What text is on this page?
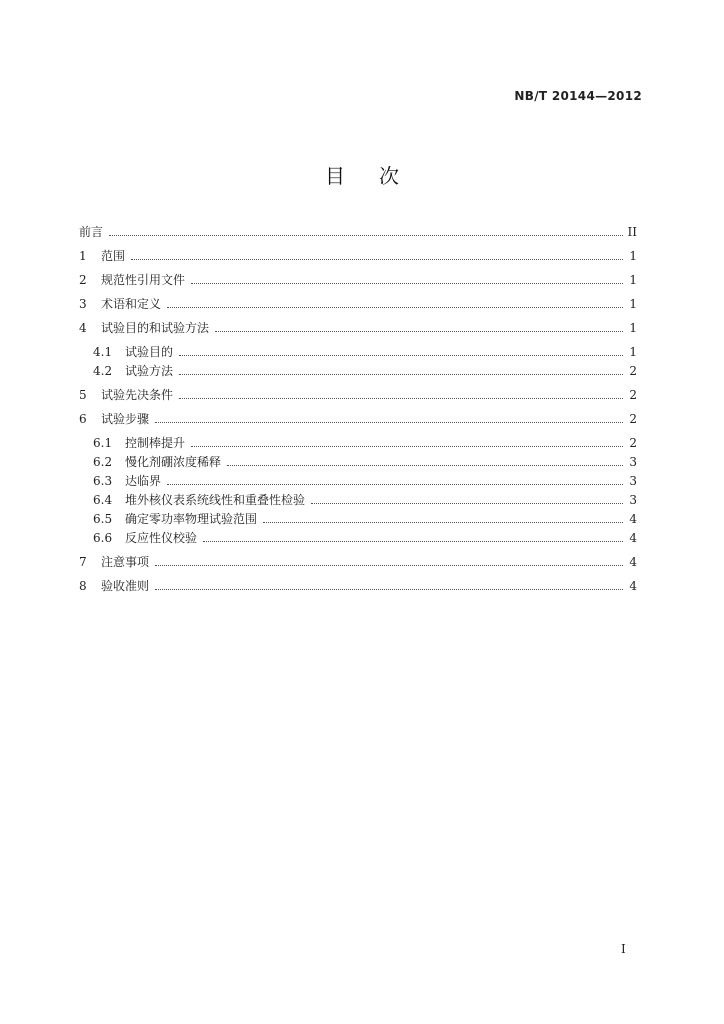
NB/T 20144—2012
目 次
前言	II
1	范围	1
2	规范性引用文件	1
3	术语和定义	1
4	试验目的和试验方法	1
4.1	试验目的	1
4.2	试验方法	2
5	试验先决条件	2
6	试验步骤	2
6.1	控制棒提升	2
6.2	慢化剂硼浓度稀释	3
6.3	达临界	3
6.4	堆外核仪表系统线性和重叠性检验	3
6.5	确定零功率物理试验范围	4
6.6	反应性仪校验	4
7	注意事项	4
8	验收准则	4
I
